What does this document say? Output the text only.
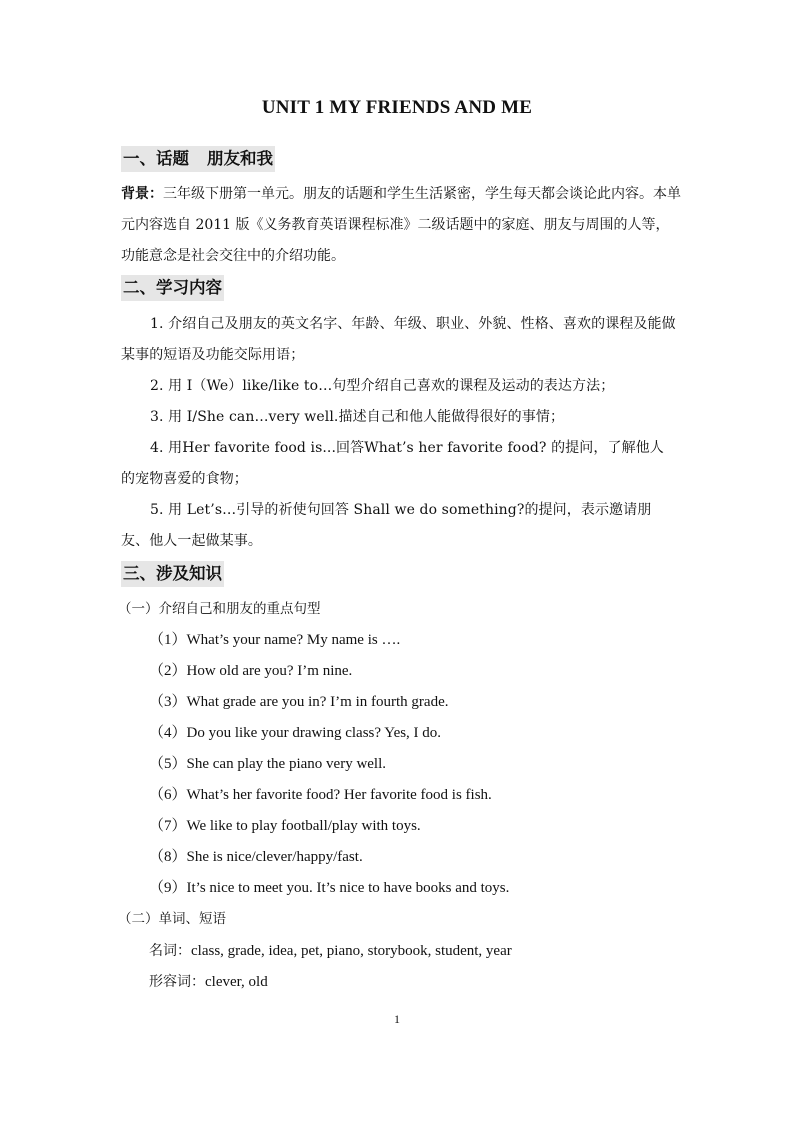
UNIT 1 MY FRIENDS AND ME
一、话题 朋友和我
背景：三年级下册第一单元。朋友的话题和学生生活紧密，学生每天都会谈论此内容。本单元内容选自 2011 版《义务教育英语课程标准》二级话题中的家庭、朋友与周围的人等，功能意念是社会交往中的介绍功能。
二、学习内容
1. 介绍自己及朋友的英文名字、年龄、年级、职业、外貌、性格、喜欢的课程及能做某事的短语及功能交际用语；
2. 用 I（We）like/like to…句型介绍自己喜欢的课程及运动的表达方法；
3. 用 I/She can…very well.描述自己和他人能做得很好的事情；
4. 用Her favorite food is...回答What’s her favorite food? 的提问，了解他人的宠物喜爱的食物；
5. 用 Let’s…引导的祈使句回答 Shall we do something?的提问，表示邀请朋友、他人一起做某事。
三、涉及知识
（一）介绍自己和朋友的重点句型
（1）What’s your name? My name is ….
（2）How old are you? I’m nine.
（3）What grade are you in? I’m in fourth grade.
（4）Do you like your drawing class? Yes, I do.
（5）She can play the piano very well.
（6）What’s her favorite food? Her favorite food is fish.
（7）We like to play football/play with toys.
（8）She is nice/clever/happy/fast.
（9）It’s nice to meet you. It’s nice to have books and toys.
（二）单词、短语
名词：class, grade, idea, pet, piano, storybook, student, year
形容词：clever, old
1
